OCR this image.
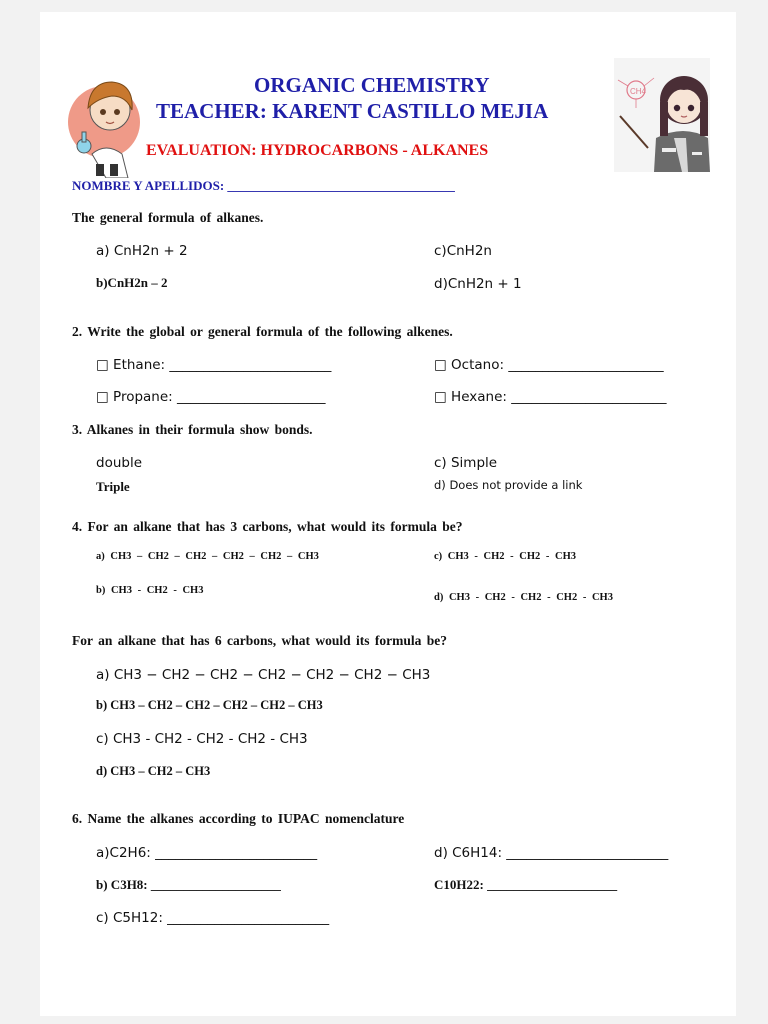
CH4
ORGANIC CHEMISTRY
TEACHER: KARENT CASTILLO MEJIA
EVALUATION: HYDROCARBONS - ALKANES
NOMBRE Y APELLIDOS: ___________________________________
The general formula of alkanes.
a) CnH2n + 2
b)CnH2n – 2
c)CnH2n
d)CnH2n + 1
2. Write the global or general formula of the following alkenes.
□ Ethane: ________________________
□ Propane: ______________________
□ Octano: _______________________
□ Hexane: _______________________
3. Alkanes in their formula show bonds.
double
Triple
c) Simple
d) Does not provide a link
4. For an alkane that has 3 carbons, what would its formula be?
a) CH3 – CH2 – CH2 – CH2 – CH2 – CH3
b) CH3 - CH2 - CH3
c) CH3 - CH2 - CH2 - CH3
d) CH3 - CH2 - CH2 - CH2 - CH3
For an alkane that has 6 carbons, what would its formula be?
a) CH3 − CH2 − CH2 − CH2 − CH2 − CH2 − CH3
b) CH3 – CH2 – CH2 – CH2 – CH2 – CH3
c) CH3 - CH2 - CH2 - CH2 - CH3
d) CH3 – CH2 – CH3
6. Name the alkanes according to IUPAC nomenclature
a)C2H6: ________________________
b) C3H8: ____________________
c) C5H12: ________________________
d) C6H14: ________________________
C10H22: ____________________
